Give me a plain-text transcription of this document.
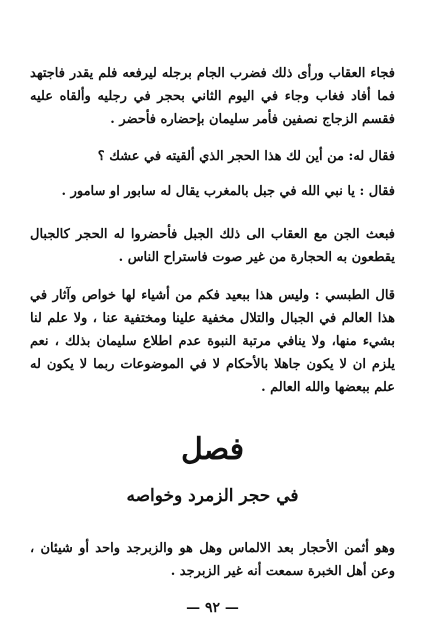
فجاء العقاب ورأى ذلك فضرب الجام برجله ليرفعه فلم يقدر فاجتهد فما أفاد فغاب وجاء في اليوم الثاني بحجر في رجليه وألقاه عليه فقسم الزجاج نصفين فأمر سليمان بإحضاره فأحضر .

فقال له: من أين لك هذا الحجر الذي ألقيته في عشك ؟

فقال : يا نبي الله في جبل بالمغرب يقال له سابور او سامور .

فبعث الجن مع العقاب الى ذلك الجبل فأحضروا له الحجر كالجبال يقطعون به الحجارة من غير صوت فاستراح الناس .

قال الطبسي : وليس هذا ببعيد فكم من أشياء لها خواص وآثار في هذا العالم في الجبال والتلال مخفية علينا ومختفية عنا ، ولا علم لنا بشيء منها، ولا ينافي مرتبة النبوة عدم اطلاع سليمان بذلك ، نعم يلزم ان لا يكون جاهلا بالأحكام لا في الموضوعات ربما لا يكون له علم ببعضها والله العالم .

فصل
في حجر الزمرد وخواصه

وهو أثمن الأحجار بعد الالماس وهل هو والزبرجد واحد أو شيئان ، وعن أهل الخبرة سمعت أنه غير الزبرجد .

— ٩٢ —
